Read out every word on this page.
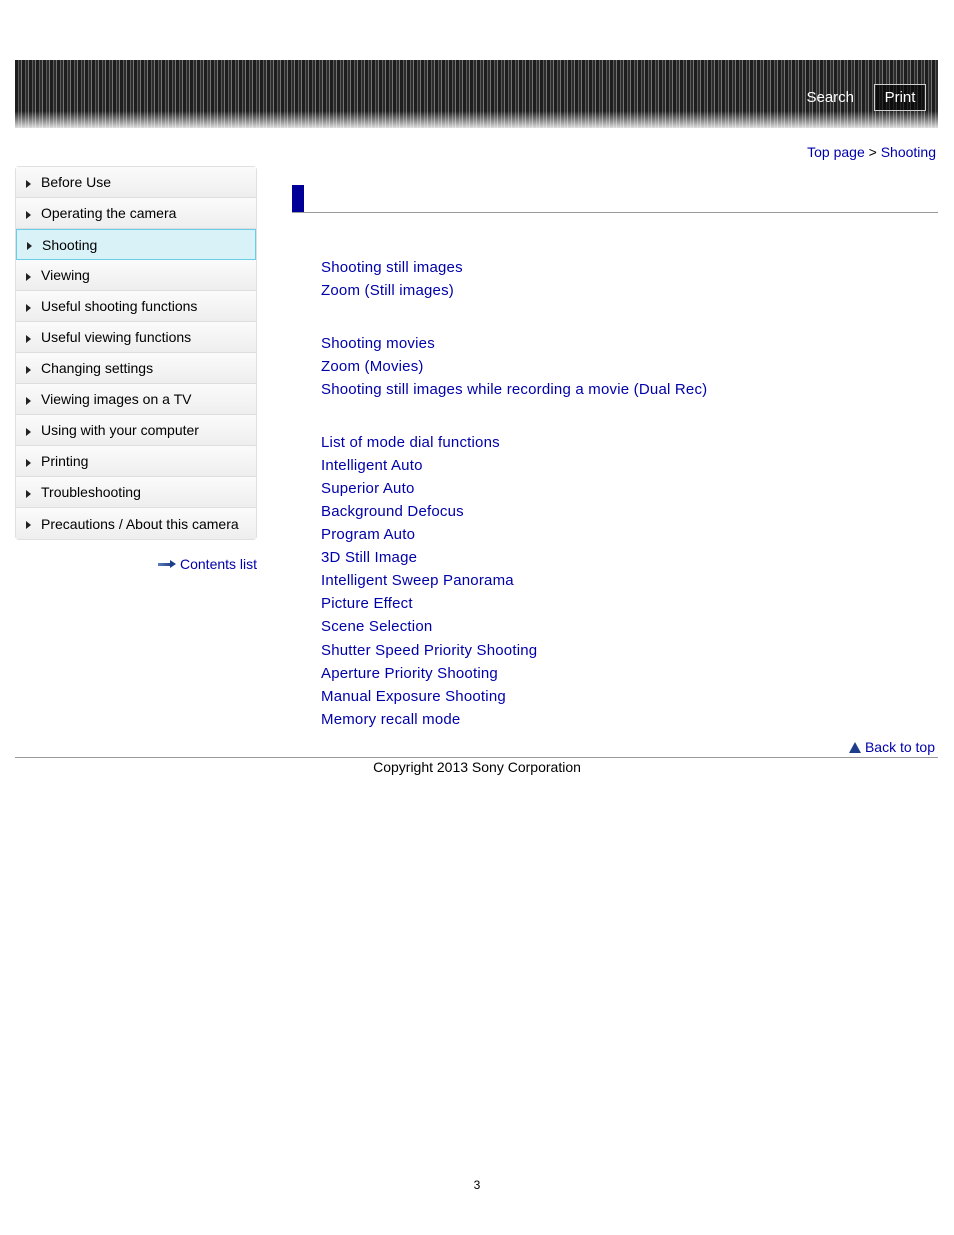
Search	Print
Top page > Shooting
Before Use
Operating the camera
Shooting
Viewing
Useful shooting functions
Useful viewing functions
Changing settings
Viewing images on a TV
Using with your computer
Printing
Troubleshooting
Precautions / About this camera
Contents list
Shooting still images
Zoom (Still images)
Shooting movies
Zoom (Movies)
Shooting still images while recording a movie (Dual Rec)
List of mode dial functions
Intelligent Auto
Superior Auto
Background Defocus
Program Auto
3D Still Image
Intelligent Sweep Panorama
Picture Effect
Scene Selection
Shutter Speed Priority Shooting
Aperture Priority Shooting
Manual Exposure Shooting
Memory recall mode
Back to top
Copyright 2013 Sony Corporation
3
